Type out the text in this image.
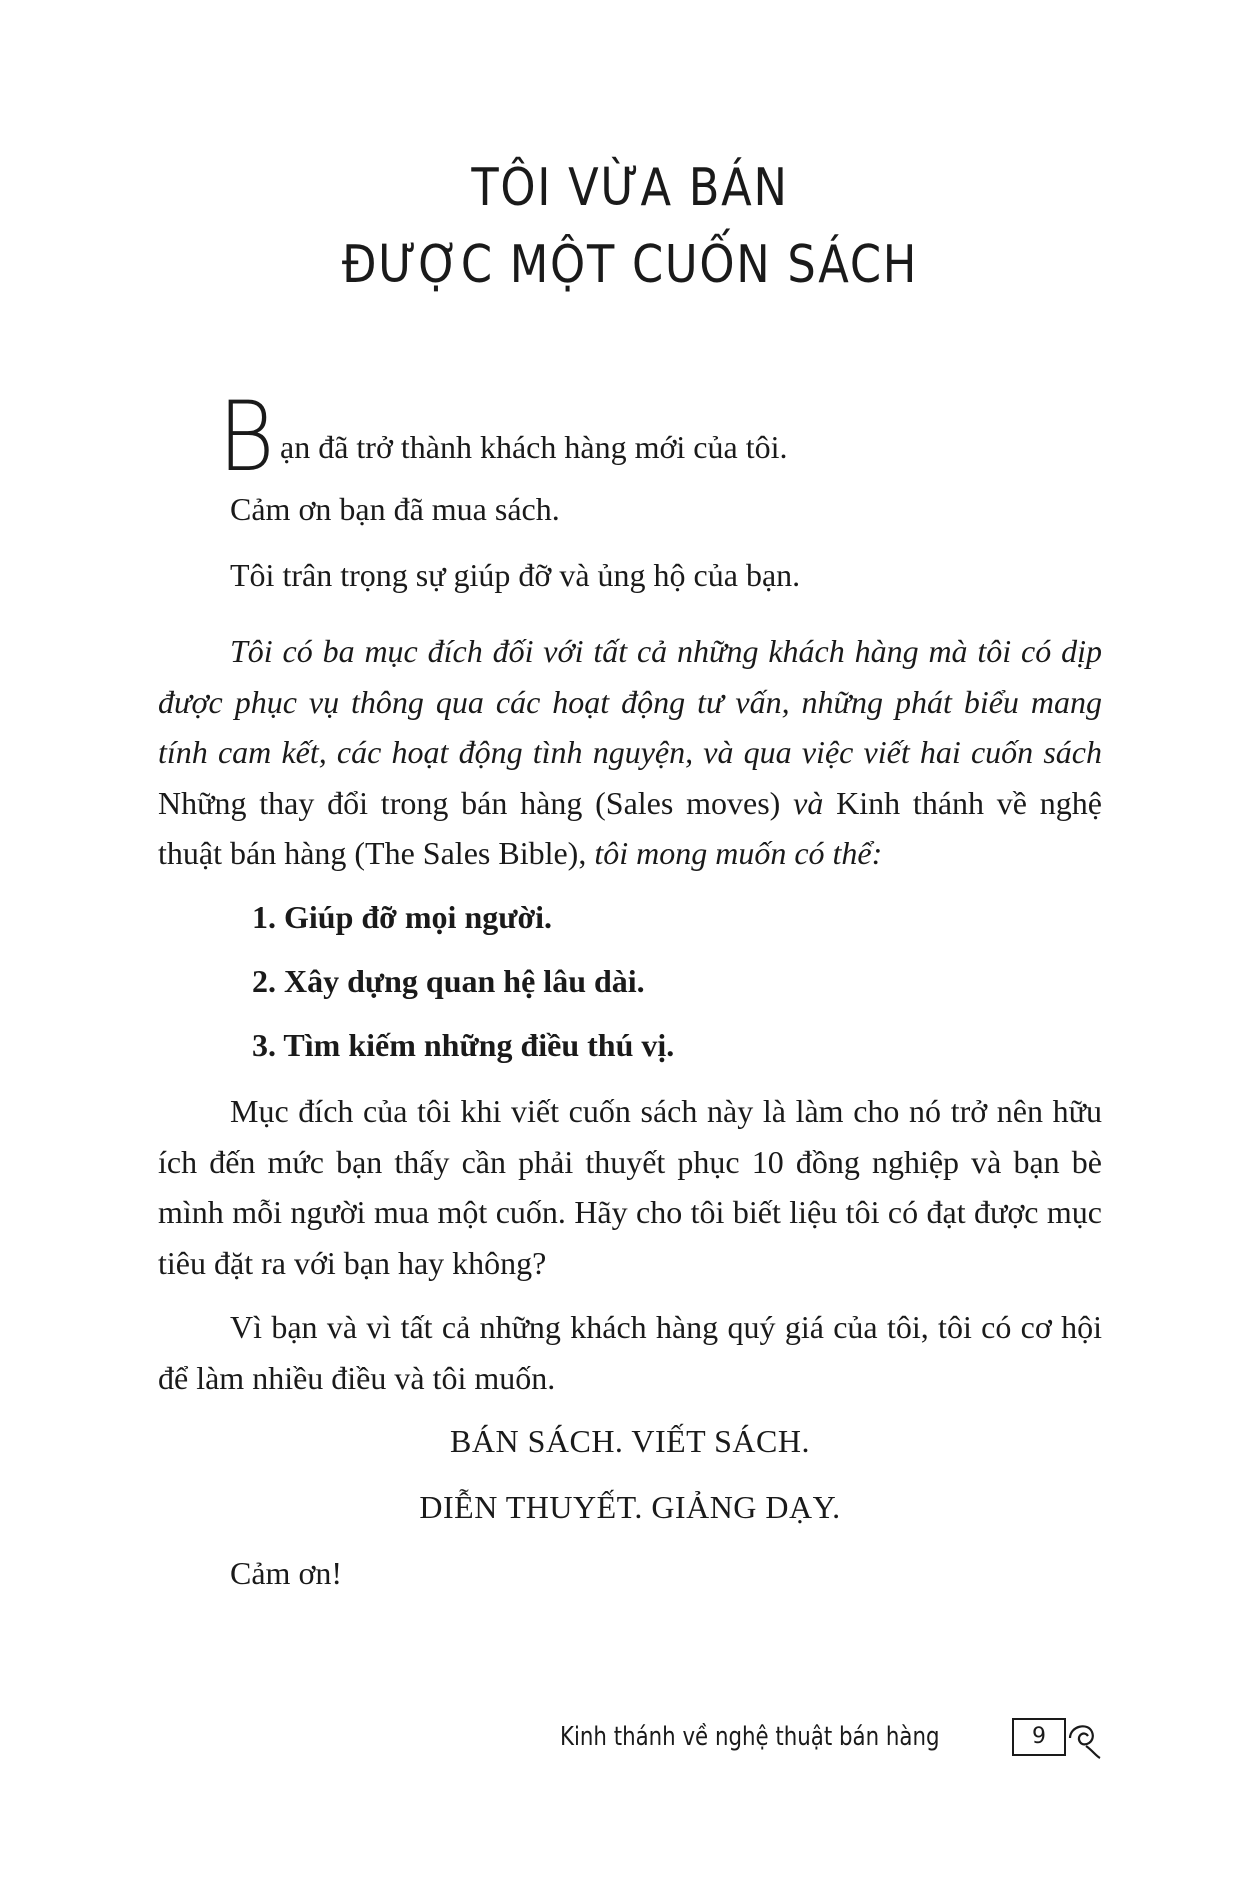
TÔI VỪA BÁN
ĐƯỢC MỘT CUỐN SÁCH
B ạn đã trở thành khách hàng mới của tôi.
Cảm ơn bạn đã mua sách.
Tôi trân trọng sự giúp đỡ và ủng hộ của bạn.

Tôi có ba mục đích đối với tất cả những khách hàng mà tôi có dịp được phục vụ thông qua các hoạt động tư vấn, những phát biểu mang tính cam kết, các hoạt động tình nguyện, và qua việc viết hai cuốn sách Những thay đổi trong bán hàng (Sales moves) và Kinh thánh về nghệ thuật bán hàng (The Sales Bible), tôi mong muốn có thể:

1. Giúp đỡ mọi người.
2. Xây dựng quan hệ lâu dài.
3. Tìm kiếm những điều thú vị.

Mục đích của tôi khi viết cuốn sách này là làm cho nó trở nên hữu ích đến mức bạn thấy cần phải thuyết phục 10 đồng nghiệp và bạn bè mình mỗi người mua một cuốn. Hãy cho tôi biết liệu tôi có đạt được mục tiêu đặt ra với bạn hay không?

Vì bạn và vì tất cả những khách hàng quý giá của tôi, tôi có cơ hội để làm nhiều điều và tôi muốn.

BÁN SÁCH. VIẾT SÁCH.
DIỄN THUYẾT. GIẢNG DẠY.
Cảm ơn!
Kinh thánh về nghệ thuật bán hàng	9
